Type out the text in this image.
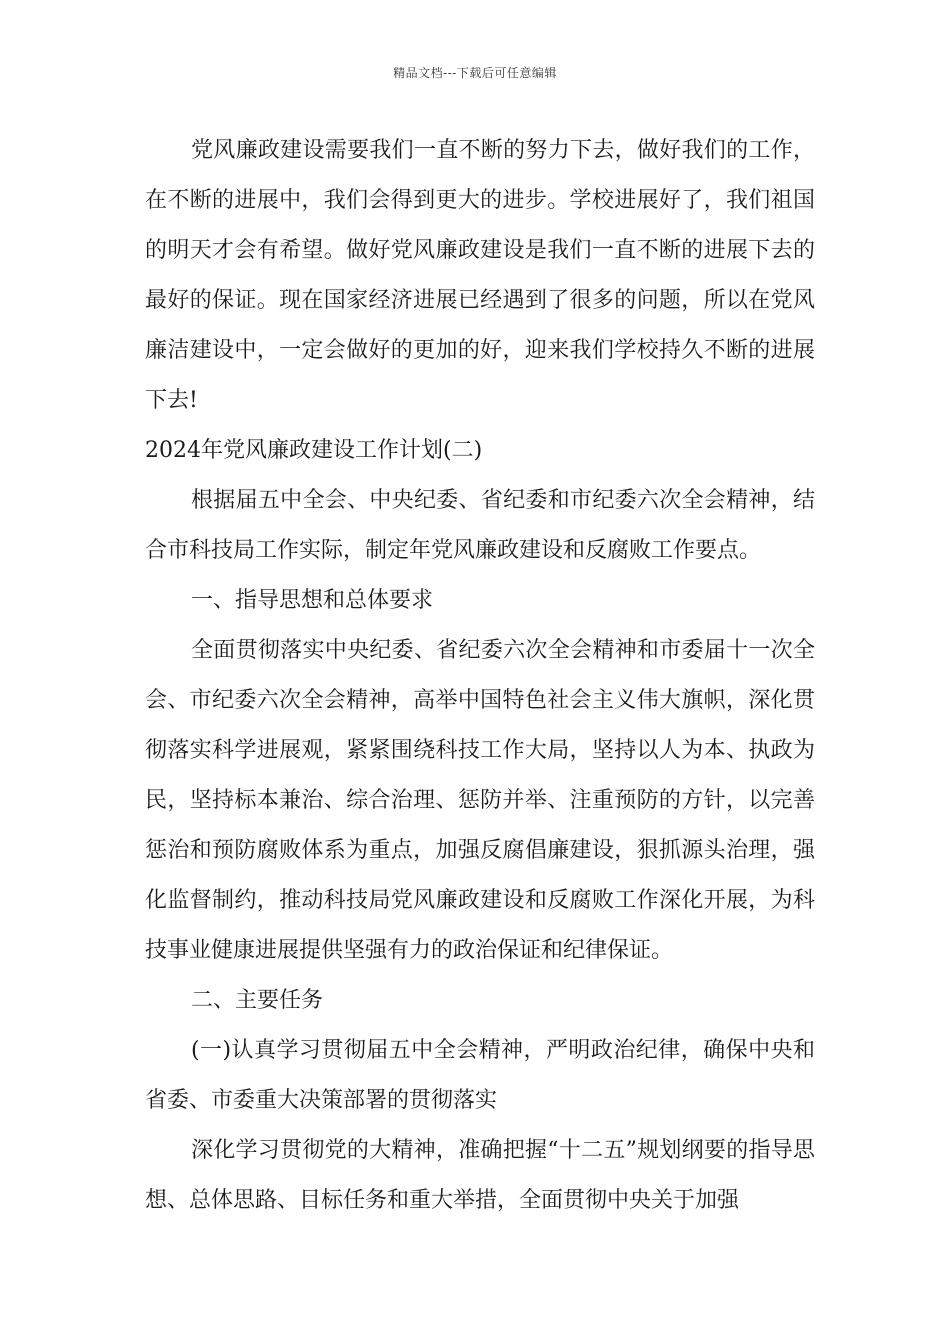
精品文档---下载后可任意编辑

党风廉政建设需要我们一直不断的努力下去，做好我们的工作，在不断的进展中，我们会得到更大的进步。学校进展好了，我们祖国的明天才会有希望。做好党风廉政建设是我们一直不断的进展下去的最好的保证。现在国家经济进展已经遇到了很多的问题，所以在党风廉洁建设中，一定会做好的更加的好，迎来我们学校持久不断的进展下去!

2024年党风廉政建设工作计划(二)

根据届五中全会、中央纪委、省纪委和市纪委六次全会精神，结合市科技局工作实际，制定年党风廉政建设和反腐败工作要点。

一、指导思想和总体要求

全面贯彻落实中央纪委、省纪委六次全会精神和市委届十一次全会、市纪委六次全会精神，高举中国特色社会主义伟大旗帜，深化贯彻落实科学进展观，紧紧围绕科技工作大局，坚持以人为本、执政为民，坚持标本兼治、综合治理、惩防并举、注重预防的方针，以完善惩治和预防腐败体系为重点，加强反腐倡廉建设，狠抓源头治理，强化监督制约，推动科技局党风廉政建设和反腐败工作深化开展，为科技事业健康进展提供坚强有力的政治保证和纪律保证。

二、主要任务

(一)认真学习贯彻届五中全会精神，严明政治纪律，确保中央和省委、市委重大决策部署的贯彻落实

深化学习贯彻党的大精神，准确把握“十二五”规划纲要的指导思想、总体思路、目标任务和重大举措，全面贯彻中央关于加强
